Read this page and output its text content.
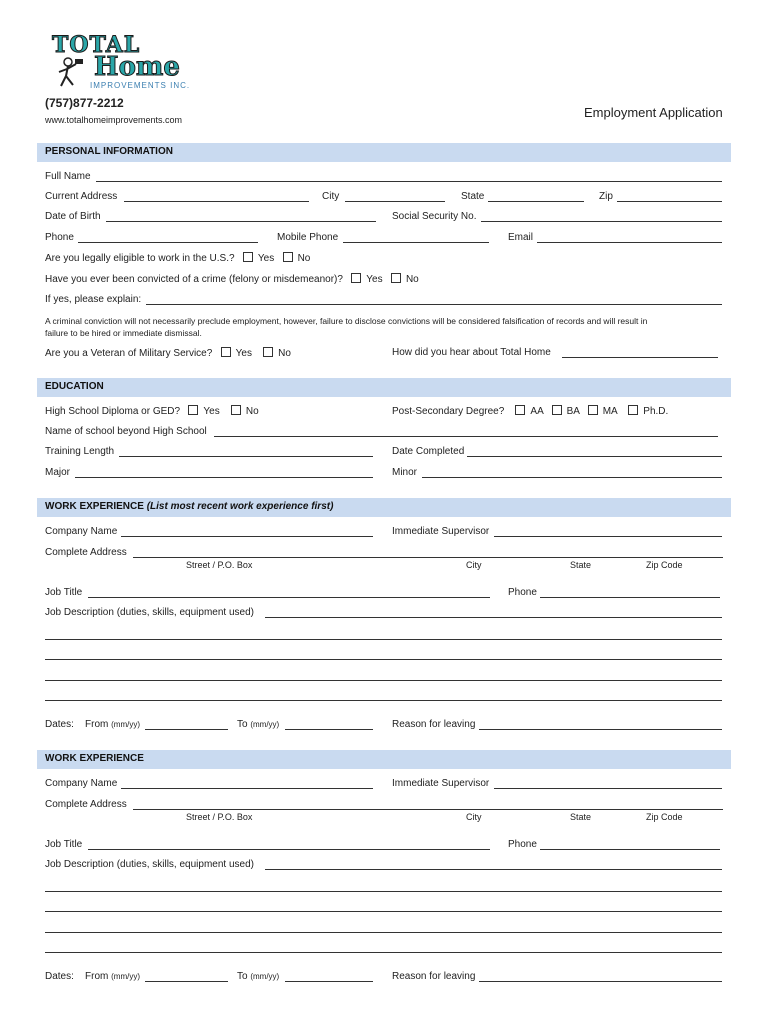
TOTAL
Home
IMPROVEMENTS INC.
(757)877-2212
www.totalhomeimprovements.com	Employment Application
PERSONAL INFORMATION
Full Name
Current Address	City	State	Zip
Date of Birth	Social Security No.
Phone	Mobile Phone	Email
Are you legally eligible to work in the U.S.? Yes No
Have you ever been convicted of a crime (felony or misdemeanor)? Yes No
If yes, please explain:
A criminal conviction will not necessarily preclude employment, however, failure to disclose convictions will be considered falsification of records and will result in
failure to be hired or immediate dismissal.
Are you a Veteran of Military Service? Yes	No	How did you hear about Total Home
EDUCATION
High School Diploma or GED? Yes	No	Post-Secondary Degree?	AA BA MA	Ph.D.
Name of school beyond High School
Training Length	Date Completed
Major	Minor
WORK EXPERIENCE (List most recent work experience first)
Company Name	Immediate Supervisor
Complete Address
Street / P.O. Box	City	State	Zip Code
Job Title	Phone
Job Description (duties, skills, equipment used)
Dates: From (mm/yy)	To (mm/yy)	Reason for leaving
WORK EXPERIENCE
Company Name	Immediate Supervisor
Complete Address
Street / P.O. Box	City	State	Zip Code
Job Title	Phone
Job Description (duties, skills, equipment used)
Dates: From (mm/yy)	To (mm/yy)	Reason for leaving
